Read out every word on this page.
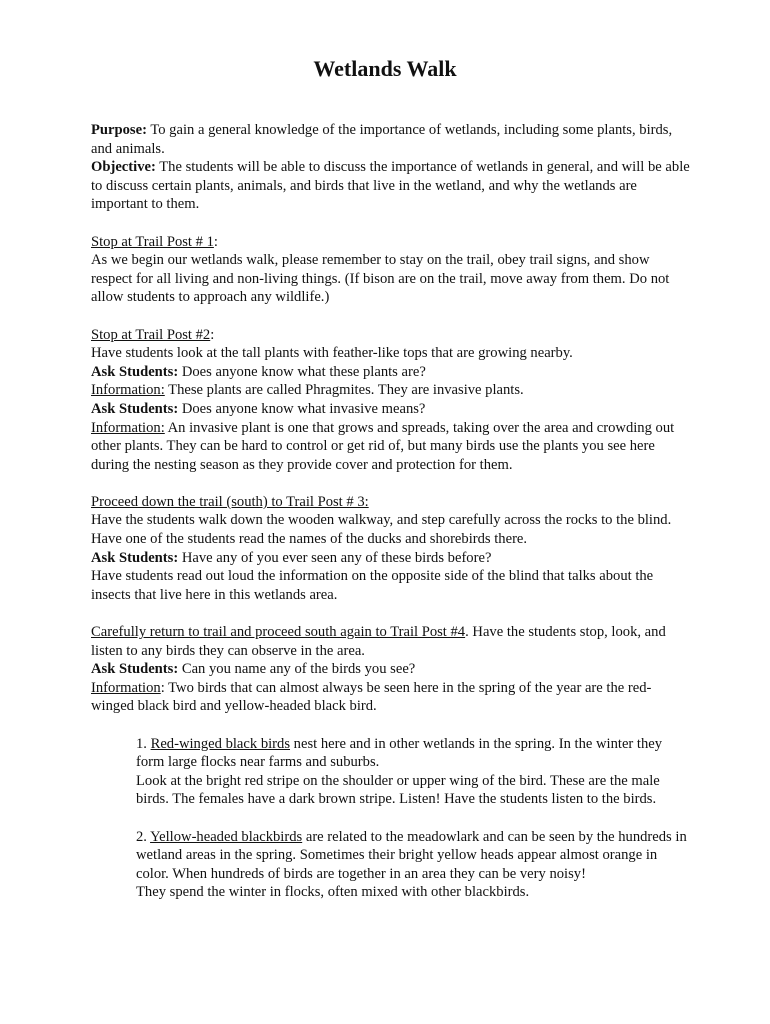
Wetlands Walk

Purpose: To gain a general knowledge of the importance of wetlands, including some plants, birds, and animals.

Objective: The students will be able to discuss the importance of wetlands in general, and will be able to discuss certain plants, animals, and birds that live in the wetland, and why the wetlands are important to them.

Stop at Trail Post # 1:

As we begin our wetlands walk, please remember to stay on the trail, obey trail signs, and show respect for all living and non-living things. (If bison are on the trail, move away from them. Do not allow students to approach any wildlife.)

Stop at Trail Post #2:

Have students look at the tall plants with feather-like tops that are growing nearby.

Ask Students: Does anyone know what these plants are?

Information: These plants are called Phragmites. They are invasive plants.

Ask Students: Does anyone know what invasive means?

Information: An invasive plant is one that grows and spreads, taking over the area and crowding out other plants. They can be hard to control or get rid of, but many birds use the plants you see here during the nesting season as they provide cover and protection for them.

Proceed down the trail (south) to Trail Post # 3:

Have the students walk down the wooden walkway, and step carefully across the rocks to the blind. Have one of the students read the names of the ducks and shorebirds there.

Ask Students: Have any of you ever seen any of these birds before?

Have students read out loud the information on the opposite side of the blind that talks about the insects that live here in this wetlands area.

Carefully return to trail and proceed south again to Trail Post #4. Have the students stop, look, and listen to any birds they can observe in the area.

Ask Students: Can you name any of the birds you see?

Information: Two birds that can almost always be seen here in the spring of the year are the red-winged black bird and yellow-headed black bird.

1. Red-winged black birds nest here and in other wetlands in the spring. In the winter they form large flocks near farms and suburbs.

Look at the bright red stripe on the shoulder or upper wing of the bird. These are the male birds. The females have a dark brown stripe. Listen! Have the students listen to the birds.

2. Yellow-headed blackbirds are related to the meadowlark and can be seen by the hundreds in wetland areas in the spring. Sometimes their bright yellow heads appear almost orange in color. When hundreds of birds are together in an area they can be very noisy!

They spend the winter in flocks, often mixed with other blackbirds.
